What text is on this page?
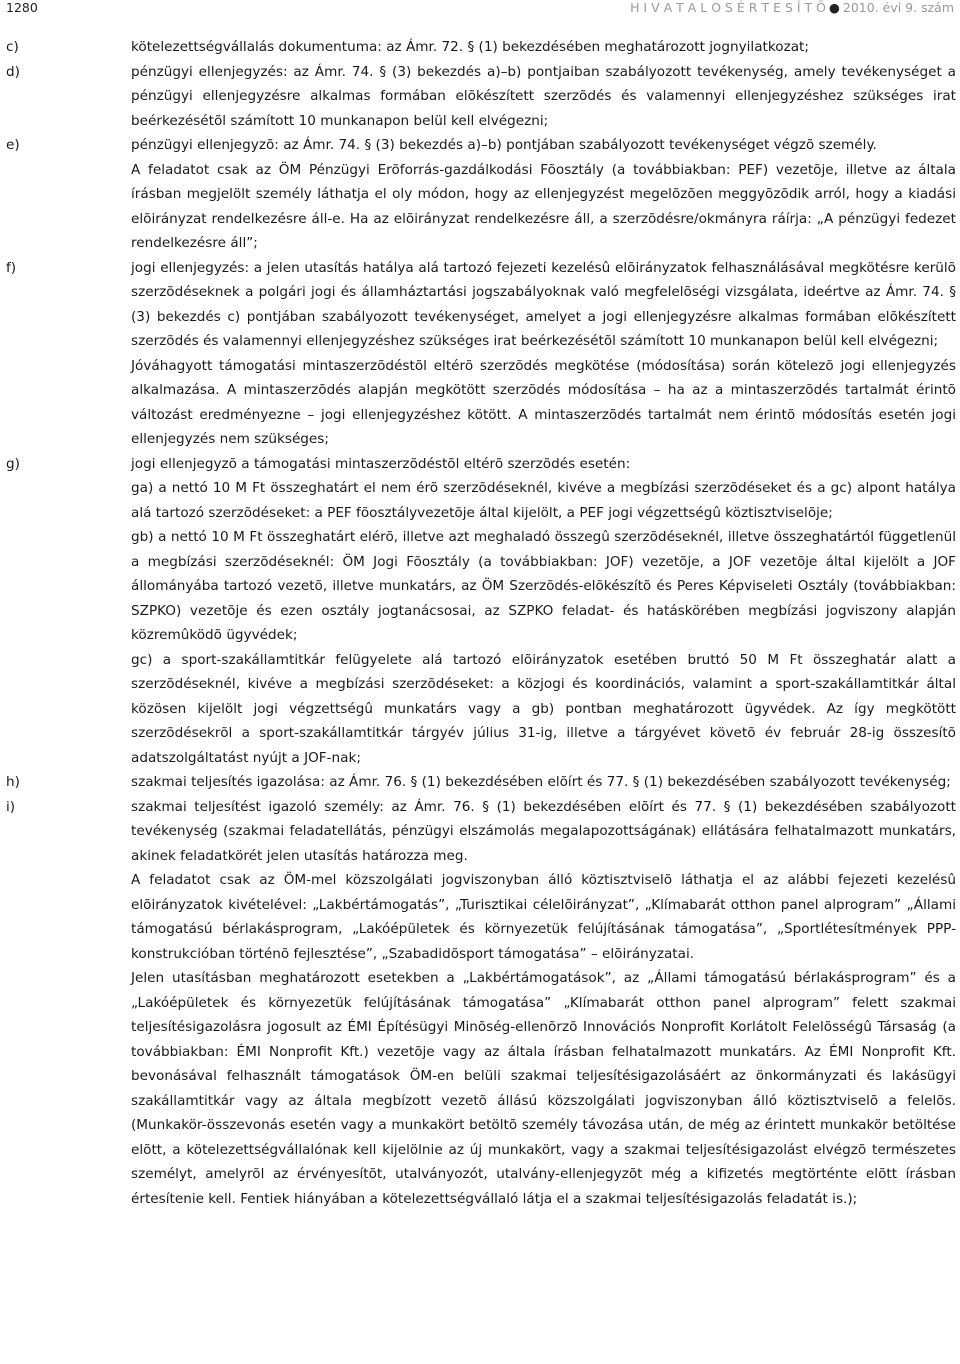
1280	H I V A T A L O S É R T E S Í T Õ ● 2010. évi 9. szám
c)	kötelezettségvállalás dokumentuma: az Ámr. 72. § (1) bekezdésében meghatározott jognyilatkozat;
d)	pénzügyi ellenjegyzés: az Ámr. 74. § (3) bekezdés a)–b) pontjaiban szabályozott tevékenység, amely tevékenységet a pénzügyi ellenjegyzésre alkalmas formában elõkészített szerzõdés és valamennyi ellenjegyzéshez szükséges irat beérkezésétõl számított 10 munkanapon belül kell elvégezni;
e)	pénzügyi ellenjegyzõ: az Ámr. 74. § (3) bekezdés a)–b) pontjában szabályozott tevékenységet végzõ személy.
A feladatot csak az ÖM Pénzügyi Erõforrás-gazdálkodási Fõosztály (a továbbiakban: PEF) vezetõje, illetve az általa írásban megjelölt személy láthatja el oly módon, hogy az ellenjegyzést megelõzõen meggyõzõdik arról, hogy a kiadási elõirányzat rendelkezésre áll-e. Ha az elõirányzat rendelkezésre áll, a szerzõdésre/okmányra ráírja: „A pénzügyi fedezet rendelkezésre áll”;
f)	jogi ellenjegyzés: a jelen utasítás hatálya alá tartozó fejezeti kezelésû elõirányzatok felhasználásával megkötésre kerülõ szerzõdéseknek a polgári jogi és államháztartási jogszabályoknak való megfelelõségi vizsgálata, ideértve az Ámr. 74. § (3) bekezdés c) pontjában szabályozott tevékenységet, amelyet a jogi ellenjegyzésre alkalmas formában elõkészített szerzõdés és valamennyi ellenjegyzéshez szükséges irat beérkezésétõl számított 10 munkanapon belül kell elvégezni;
Jóváhagyott támogatási mintaszerzõdéstõl eltérõ szerzõdés megkötése (módosítása) során kötelezõ jogi ellenjegyzés alkalmazása. A mintaszerzõdés alapján megkötött szerzõdés módosítása – ha az a mintaszerzõdés tartalmát érintõ változást eredményezne – jogi ellenjegyzéshez kötött. A mintaszerzõdés tartalmát nem érintõ módosítás esetén jogi ellenjegyzés nem szükséges;
g)	jogi ellenjegyzõ a támogatási mintaszerzõdéstõl eltérõ szerzõdés esetén:
ga) a nettó 10 M Ft összeghatárt el nem érõ szerzõdéseknél, kivéve a megbízási szerzõdéseket és a gc) alpont hatálya alá tartozó szerzõdéseket: a PEF fõosztályvezetõje által kijelölt, a PEF jogi végzettségû köztisztviselõje;
gb) a nettó 10 M Ft összeghatárt elérõ, illetve azt meghaladó összegû szerzõdéseknél, illetve összeghatártól függetlenül a megbízási szerzõdéseknél: ÖM Jogi Fõosztály (a továbbiakban: JOF) vezetõje, a JOF vezetõje által kijelölt a JOF állományába tartozó vezetõ, illetve munkatárs, az ÖM Szerzõdés-elõkészítõ és Peres Képviseleti Osztály (továbbiakban: SZPKO) vezetõje és ezen osztály jogtanácsosai, az SZPKO feladat- és hatáskörében megbízási jogviszony alapján közremûködõ ügyvédek;
gc) a sport-szakállamtitkár felügyelete alá tartozó elõirányzatok esetében bruttó 50 M Ft összeghatár alatt a szerzõdéseknél, kivéve a megbízási szerzõdéseket: a közjogi és koordinációs, valamint a sport-szakállamtitkár által közösen kijelölt jogi végzettségû munkatárs vagy a gb) pontban meghatározott ügyvédek. Az így megkötött szerzõdésekrõl a sport-szakállamtitkár tárgyév július 31-ig, illetve a tárgyévet követõ év február 28-ig összesítõ adatszolgáltatást nyújt a JOF-nak;
h)	szakmai teljesítés igazolása: az Ámr. 76. § (1) bekezdésében elõírt és 77. § (1) bekezdésében szabályozott tevékenység;
i)	szakmai teljesítést igazoló személy: az Ámr. 76. § (1) bekezdésében elõírt és 77. § (1) bekezdésében szabályozott tevékenység (szakmai feladatellátás, pénzügyi elszámolás megalapozottságának) ellátására felhatalmazott munkatárs, akinek feladatkörét jelen utasítás határozza meg.
A feladatot csak az ÖM-mel közszolgálati jogviszonyban álló köztisztviselõ láthatja el az alábbi fejezeti kezelésû elõirányzatok kivételével: „Lakbértámogatás”, „Turisztikai célelõirányzat”, „Klímabarát otthon panel alprogram” „Állami támogatású bérlakásprogram, „Lakóépületek és környezetük felújításának támogatása”, „Sportlétesítmények PPP-konstrukcióban történõ fejlesztése”, „Szabadidõsport támogatása” – elõirányzatai.
Jelen utasításban meghatározott esetekben a „Lakbértámogatások”, az „Állami támogatású bérlakásprogram” és a „Lakóépületek és környezetük felújításának támogatása” „Klímabarát otthon panel alprogram” felett szakmai teljesítésigazolásra jogosult az ÉMI Építésügyi Minõség-ellenõrzõ Innovációs Nonprofit Korlátolt Felelõsségû Társaság (a továbbiakban: ÉMI Nonprofit Kft.) vezetõje vagy az általa írásban felhatalmazott munkatárs. Az ÉMI Nonprofit Kft. bevonásával felhasznált támogatások ÖM-en belüli szakmai teljesítésigazolásáért az önkormányzati és lakásügyi szakállamtitkár vagy az általa megbízott vezetõ állású közszolgálati jogviszonyban álló köztisztviselõ a felelõs. (Munkakör-összevonás esetén vagy a munkakört betöltõ személy távozása után, de még az érintett munkakör betöltése elõtt, a kötelezettségvállalónak kell kijelölnie az új munkakört, vagy a szakmai teljesítésigazolást elvégzõ természetes személyt, amelyrõl az érvényesítõt, utalványozót, utalvány-ellenjegyzõt még a kifizetés megtörténte elõtt írásban értesítenie kell. Fentiek hiányában a kötelezettségvállaló látja el a szakmai teljesítésigazolás feladatát is.);
